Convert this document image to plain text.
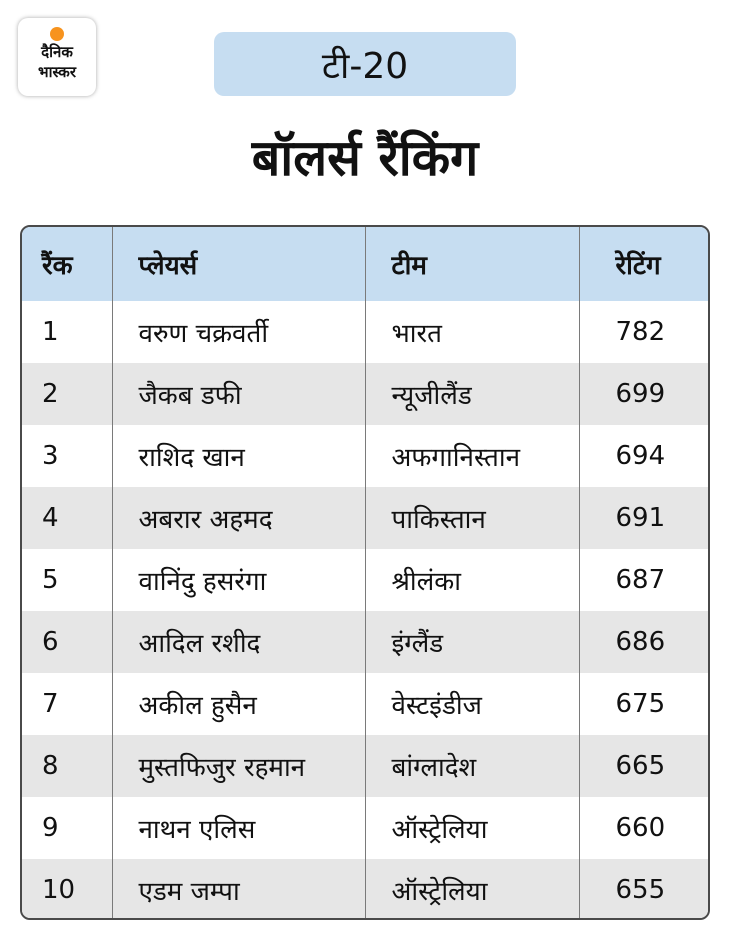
दैनिक
भास्कर	टी-20
बॉलर्स रैंकिंग
रैंक	प्लेयर्स	टीम	रेटिंग
1	वरुण चक्रवर्ती	भारत	782
2	जैकब डफी	न्यूजीलैंड	699
3	राशिद खान	अफगानिस्तान	694
4	अबरार अहमद	पाकिस्तान	691
5	वानिंदु हसरंगा	श्रीलंका	687
6	आदिल रशीद	इंग्लैंड	686
7	अकील हुसैन	वेस्टइंडीज	675
8	मुस्तफिजुर रहमान	बांग्लादेश	665
9	नाथन एलिस	ऑस्ट्रेलिया	660
10	एडम जम्पा	ऑस्ट्रेलिया	655
